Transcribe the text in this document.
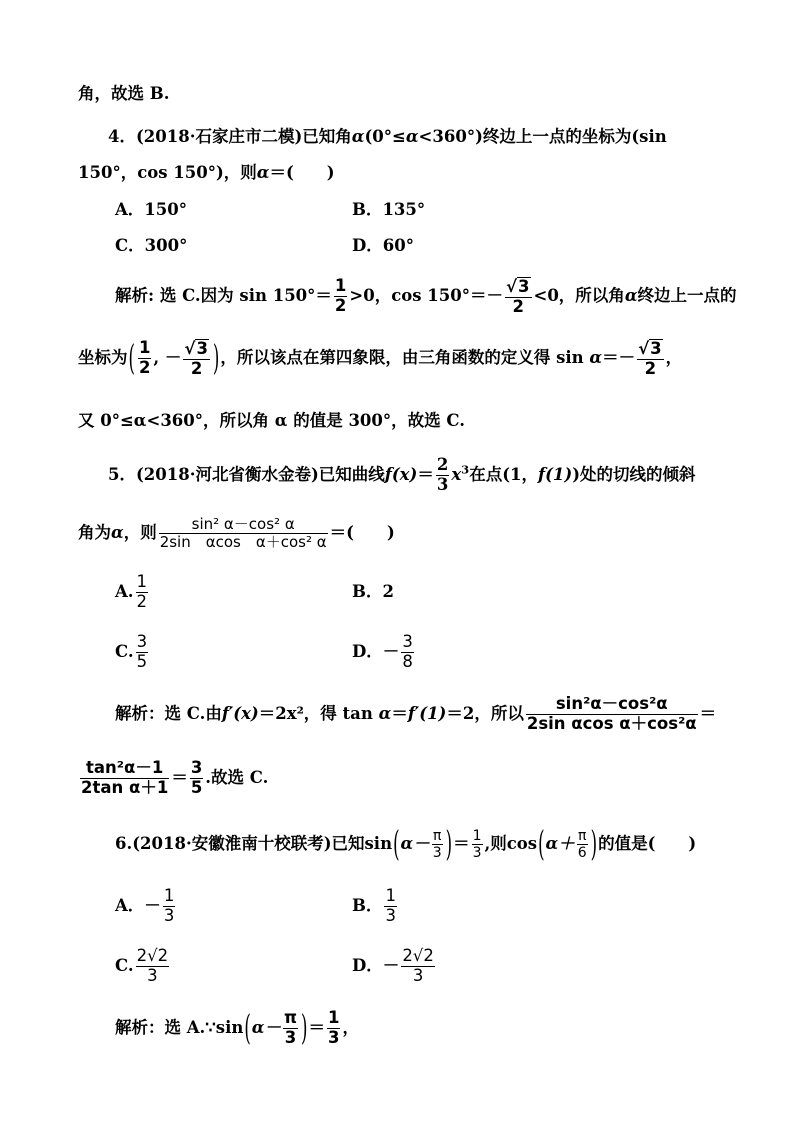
角，故选 B.
4．(2018·石家庄市二模)已知角α(0°≤α<360°)终边上一点的坐标为(sin
150°，cos 150°)，则α＝(　　)
A．150°	B．135°
C．300°	D．60°
解析: 选 C.因为 $\sin 150^\circ= \frac{1}{2} >0$，$\cos 150^\circ=- \frac{√3}{2} <0$，所以角α终边上一点的
坐标为( $\frac{1}{2}$ , － $\frac{√3}{2}$ )，所以该点在第四象限，由三角函数的定义得 $\sin \alpha=- \frac{√3}{2}$ ，
又 0°≤α<360°，所以角 α 的值是 300°，故选 C.
5．(2018·河北省衡水金卷)已知曲线$f(x)= \frac{2}{3} x^3$在点(1，f(1))处的切线的倾斜
角为α，则 $\frac{\text{sin² α－cos² α}}{\text{2sin　αcos　α＋cos² α}}$ ＝(　　)
A. $\frac{1}{2}$	B．2
C. $\frac{3}{5}$	D．－ $\frac{3}{8}$
解析：选 C.由f′(x)＝2x²，得 tan α＝f′(1)＝2，所以 $\frac{\text{sin²α－cos²α}}{\text{2sin αcos α＋cos²α}}$ ＝
$\frac{\text{tan²α－1}}{\text{2tan α＋1}} = \frac{3}{5}$ .故选 C.
6.(2018·安徽淮南十校联考)已知$\sin(\alpha- \frac{\pi}{3}$ )＝ $\frac{1}{3}$ ,则$\cos(\alpha+ \frac{\pi}{6}$ )的值是(　　)
A．－ $\frac{1}{3}$	B． $\frac{1}{3}$
C. $\frac{2√2}{3}$	D．－ $\frac{2√2}{3}$
解析：选 A.∵sin(α－ $\frac{\pi}{3}$ )＝ $\frac{1}{3}$ ，
